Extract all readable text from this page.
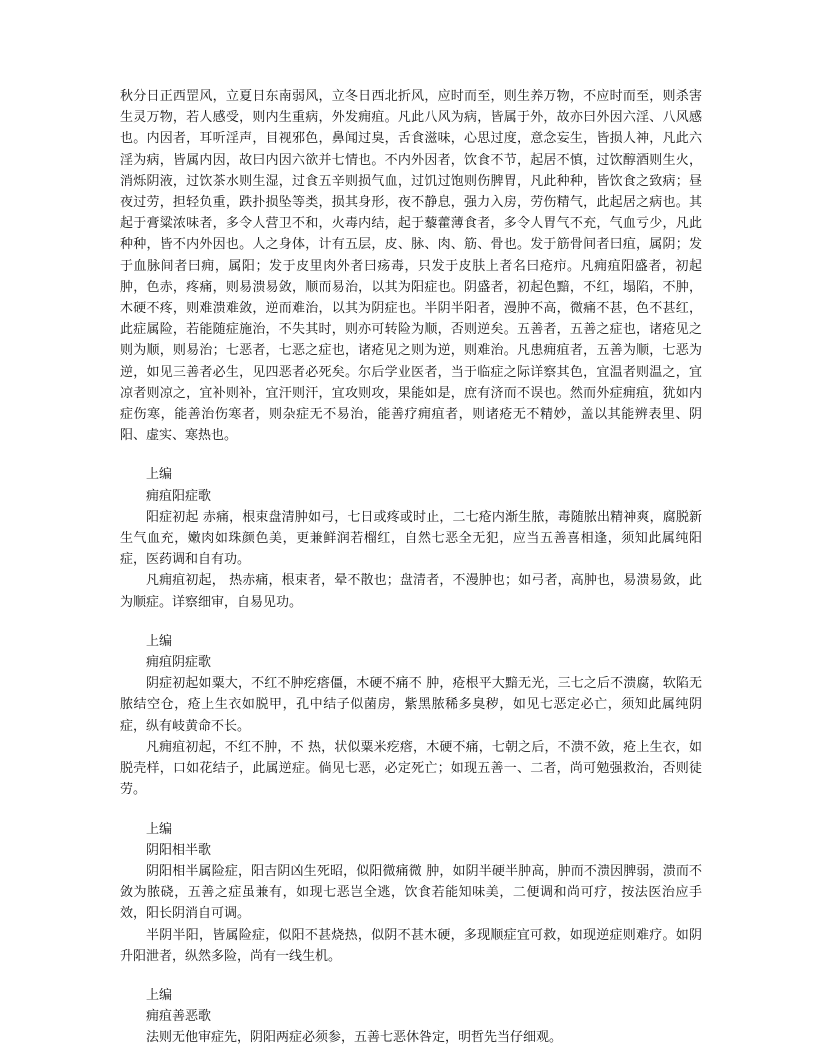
秋分日正西罡风，立夏日东南弱风，立冬日西北折风，应时而至，则生养万物，不应时而至，则杀害生灵万物，若人感受，则内生重病，外发痈疽。凡此八风为病，皆属于外，故亦曰外因六淫、八风感也。内因者，耳听淫声，目视邪色，鼻闻过臭，舌食滋味，心思过度，意念妄生，皆损人神，凡此六淫为病，皆属内因，故曰内因六欲并七情也。不内外因者，饮食不节，起居不慎，过饮醇酒则生火，消烁阴液，过饮茶水则生湿，过食五辛则损气血，过饥过饱则伤脾胃，凡此种种，皆饮食之致病；昼夜过劳，担轻负重，跌扑损坠等类，损其身形，夜不静息，强力入房，劳伤精气，此起居之病也。其起于膏粱浓味者，多令人营卫不和，火毒内结，起于藜藿薄食者，多令人胃气不充，气血亏少，凡此种种，皆不内外因也。人之身体，计有五层，皮、脉、肉、筋、骨也。发于筋骨间者曰疽，属阴；发于血脉间者曰痈，属阳；发于皮里肉外者曰疡毒，只发于皮肤上者名曰疮疖。凡痈疽阳盛者，初起 肿，色赤，疼痛，则易溃易敛，顺而易治，以其为阳症也。阴盛者，初起色黯，不红，塌陷，不肿，木硬不疼，则难溃难敛，逆而难治，以其为阴症也。半阴半阳者，漫肿不高，微痛不甚，色不甚红，此症属险，若能随症施治，不失其时，则亦可转险为顺，否则逆矣。五善者，五善之症也，诸疮见之则为顺，则易治；七恶者，七恶之症也，诸疮见之则为逆，则难治。凡患痈疽者，五善为顺，七恶为逆，如见三善者必生，见四恶者必死矣。尔后学业医者，当于临症之际详察其色，宜温者则温之，宜凉者则凉之，宜补则补，宜汗则汗，宜攻则攻，果能如是，庶有济而不误也。然而外症痈疽，犹如内症伤寒，能善治伤寒者，则杂症无不易治，能善疗痈疽者，则诸疮无不精妙，盖以其能辨表里、阴阳、虚实、寒热也。

上编

痈疽阳症歌

阳症初起 赤痛，根束盘清肿如弓，七日或疼或时止，二七疮内渐生脓，毒随脓出精神爽，腐脱新生气血充，嫩肉如珠颜色美，更兼鲜润若榴红，自然七恶全无犯，应当五善喜相逢，须知此属纯阳症，医药调和自有功。

凡痈疽初起， 热赤痛，根束者，晕不散也；盘清者，不漫肿也；如弓者，高肿也，易溃易敛，此为顺症。详察细审，自易见功。

上编

痈疽阴症歌

阴症初起如粟大，不红不肿疙瘩僵，木硬不痛不 肿，疮根平大黯无光，三七之后不溃腐，软陷无脓结空仓，疮上生衣如脱甲，孔中结子似菌房，紫黑脓稀多臭秽，如见七恶定必亡，须知此属纯阴症，纵有岐黄命不长。

凡痈疽初起，不红不肿，不 热，状似粟米疙瘩，木硬不痛，七朝之后，不溃不敛，疮上生衣，如脱壳样，口如花结子，此属逆症。倘见七恶，必定死亡；如现五善一、二者，尚可勉强救治，否则徒劳。

上编

阴阳相半歌

阴阳相半属险症，阳吉阴凶生死昭，似阳微痛微 肿，如阴半硬半肿高，肿而不溃因脾弱，溃而不敛为脓硗，五善之症虽兼有，如现七恶岂全逃，饮食若能知味美，二便调和尚可疗，按法医治应手效，阳长阴消自可调。

半阴半阳，皆属险症，似阳不甚烧热，似阴不甚木硬，多现顺症宜可救，如现逆症则难疗。如阴升阳泄者，纵然多险，尚有一线生机。

上编

痈疽善恶歌

法则无他审症先，阴阳两症必须参，五善七恶休咎定，明哲先当仔细观。
